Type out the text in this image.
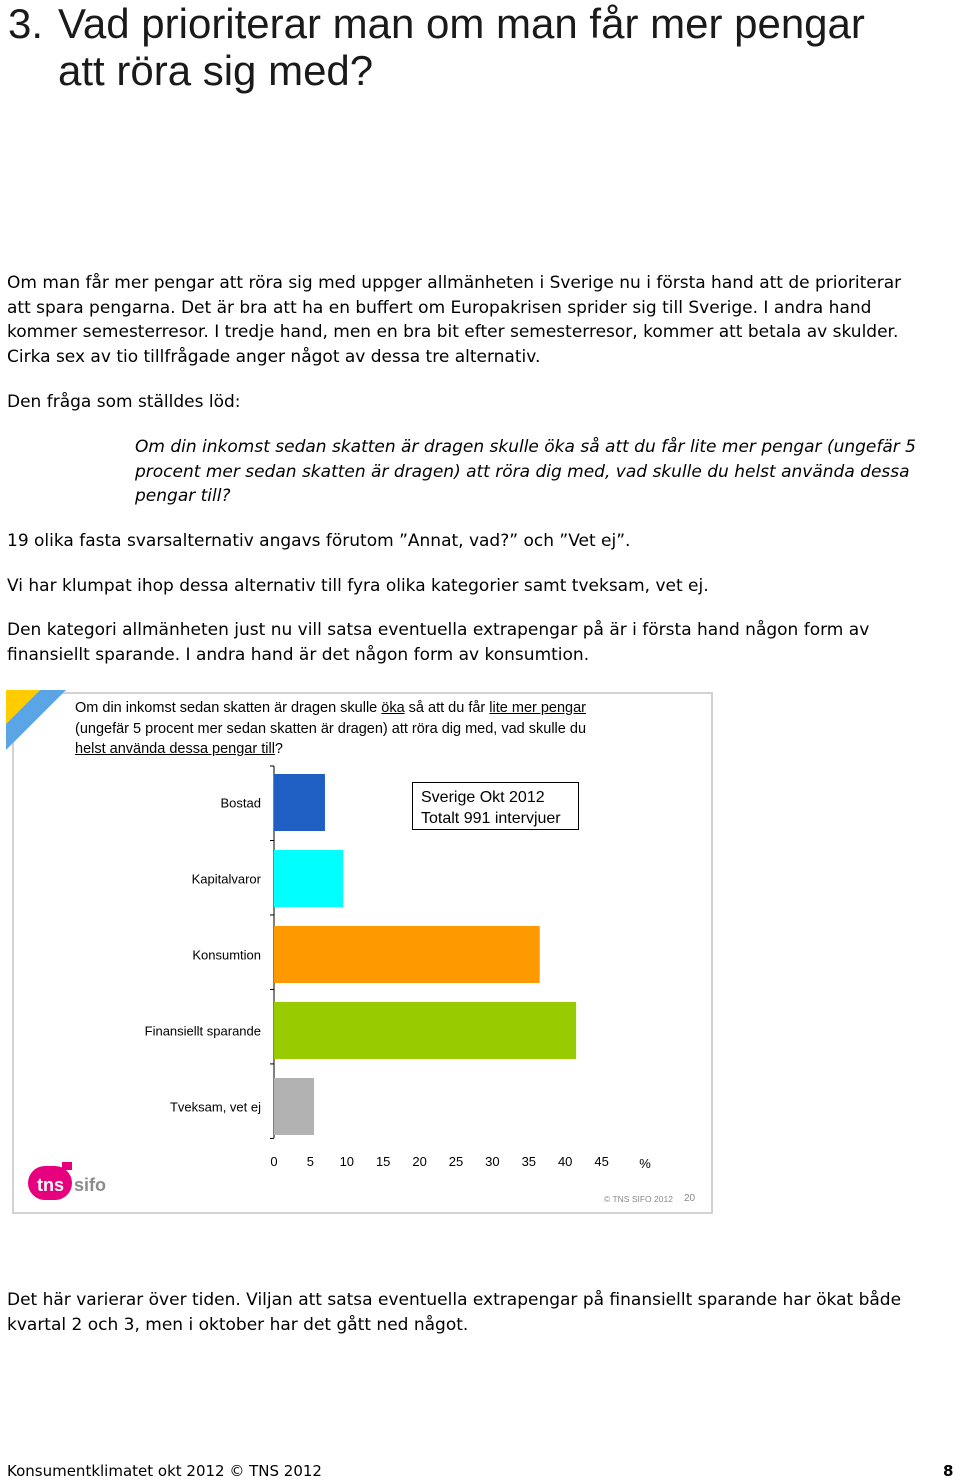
3. Vad prioriterar man om man får mer pengar
att röra sig med?
Om man får mer pengar att röra sig med uppger allmänheten i Sverige nu i första hand att de prioriterar
att spara pengarna. Det är bra att ha en buffert om Europakrisen sprider sig till Sverige. I andra hand
kommer semesterresor. I tredje hand, men en bra bit efter semesterresor, kommer att betala av skulder.
Cirka sex av tio tillfrågade anger något av dessa tre alternativ.
Den fråga som ställdes löd:
Om din inkomst sedan skatten är dragen skulle öka så att du får lite mer pengar (ungefär 5
procent mer sedan skatten är dragen) att röra dig med, vad skulle du helst använda dessa
pengar till?
19 olika fasta svarsalternativ angavs förutom ”Annat, vad?” och ”Vet ej”.
Vi har klumpat ihop dessa alternativ till fyra olika kategorier samt tveksam, vet ej.
Den kategori allmänheten just nu vill satsa eventuella extrapengar på är i första hand någon form av
finansiellt sparande. I andra hand är det någon form av konsumtion.
Om din inkomst sedan skatten är dragen skulle öka så att du får lite mer pengar
(ungefär 5 procent mer sedan skatten är dragen) att röra dig med, vad skulle du
helst använda dessa pengar till?
Bostad
Kapitalvaror
Konsumtion
Finansiellt sparande
Tveksam, vet ej
0 5 10 15 20 25 30 35 40 45 %
Sverige Okt 2012
Totalt 991 intervjuer
tns sifo
© TNS SIFO 2012 20
Det här varierar över tiden. Viljan att satsa eventuella extrapengar på finansiellt sparande har ökat både
kvartal 2 och 3, men i oktober har det gått ned något.
Konsumentklimatet okt 2012 © TNS 2012	8
